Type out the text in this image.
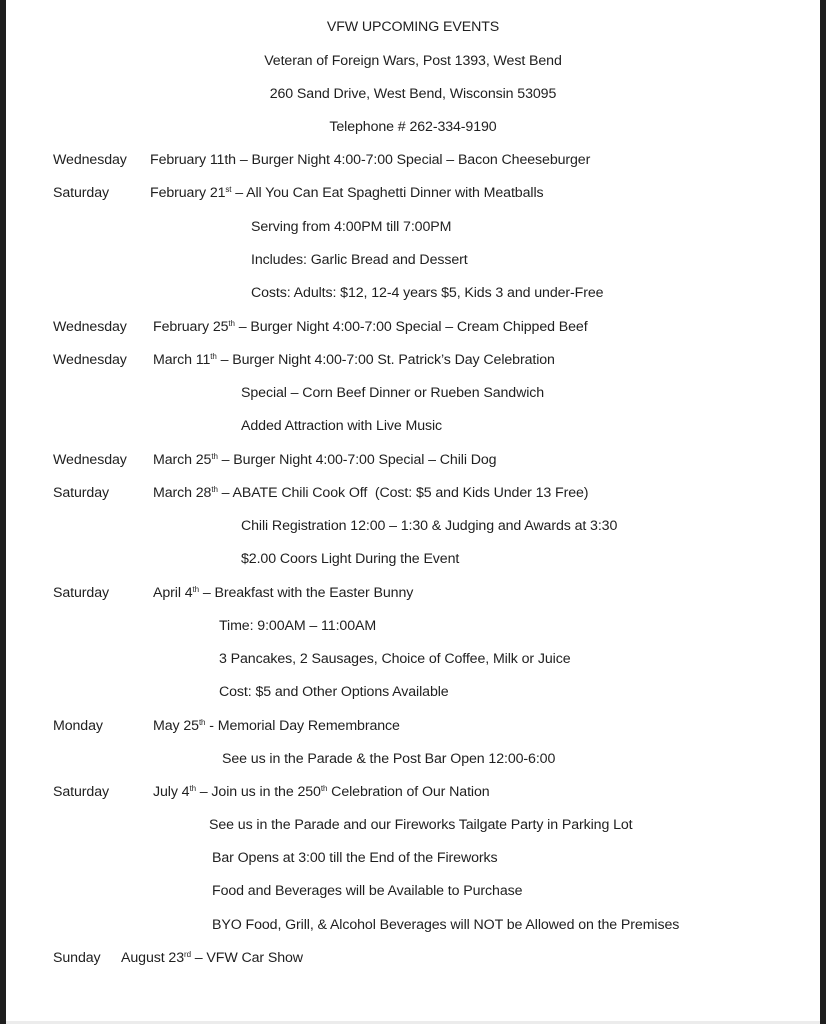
VFW UPCOMING EVENTS
Veteran of Foreign Wars, Post 1393, West Bend
260 Sand Drive, West Bend, Wisconsin 53095
Telephone # 262-334-9190
Wednesday February 11th – Burger Night 4:00-7:00 Special – Bacon Cheeseburger
Saturday	February 21st – All You Can Eat Spaghetti Dinner with Meatballs
Serving from 4:00PM till 7:00PM
Includes: Garlic Bread and Dessert
Costs: Adults: $12, 12-4 years $5, Kids 3 and under-Free
Wednesday February 25th – Burger Night 4:00-7:00 Special – Cream Chipped Beef
Wednesday March 11th – Burger Night 4:00-7:00 St. Patrick’s Day Celebration
Special – Corn Beef Dinner or Rueben Sandwich
Added Attraction with Live Music
Wednesday March 25th – Burger Night 4:00-7:00 Special – Chili Dog
Saturday	March 28th – ABATE Chili Cook Off  (Cost: $5 and Kids Under 13 Free)
Chili Registration 12:00 – 1:30 & Judging and Awards at 3:30
$2.00 Coors Light During the Event
Saturday	April 4th – Breakfast with the Easter Bunny
Time: 9:00AM – 11:00AM
3 Pancakes, 2 Sausages, Choice of Coffee, Milk or Juice
Cost: $5 and Other Options Available
Monday	May 25th - Memorial Day Remembrance
See us in the Parade & the Post Bar Open 12:00-6:00
Saturday	July 4th – Join us in the 250th Celebration of Our Nation
See us in the Parade and our Fireworks Tailgate Party in Parking Lot
Bar Opens at 3:00 till the End of the Fireworks
Food and Beverages will be Available to Purchase
BYO Food, Grill, & Alcohol Beverages will NOT be Allowed on the Premises
Sunday August 23rd – VFW Car Show
